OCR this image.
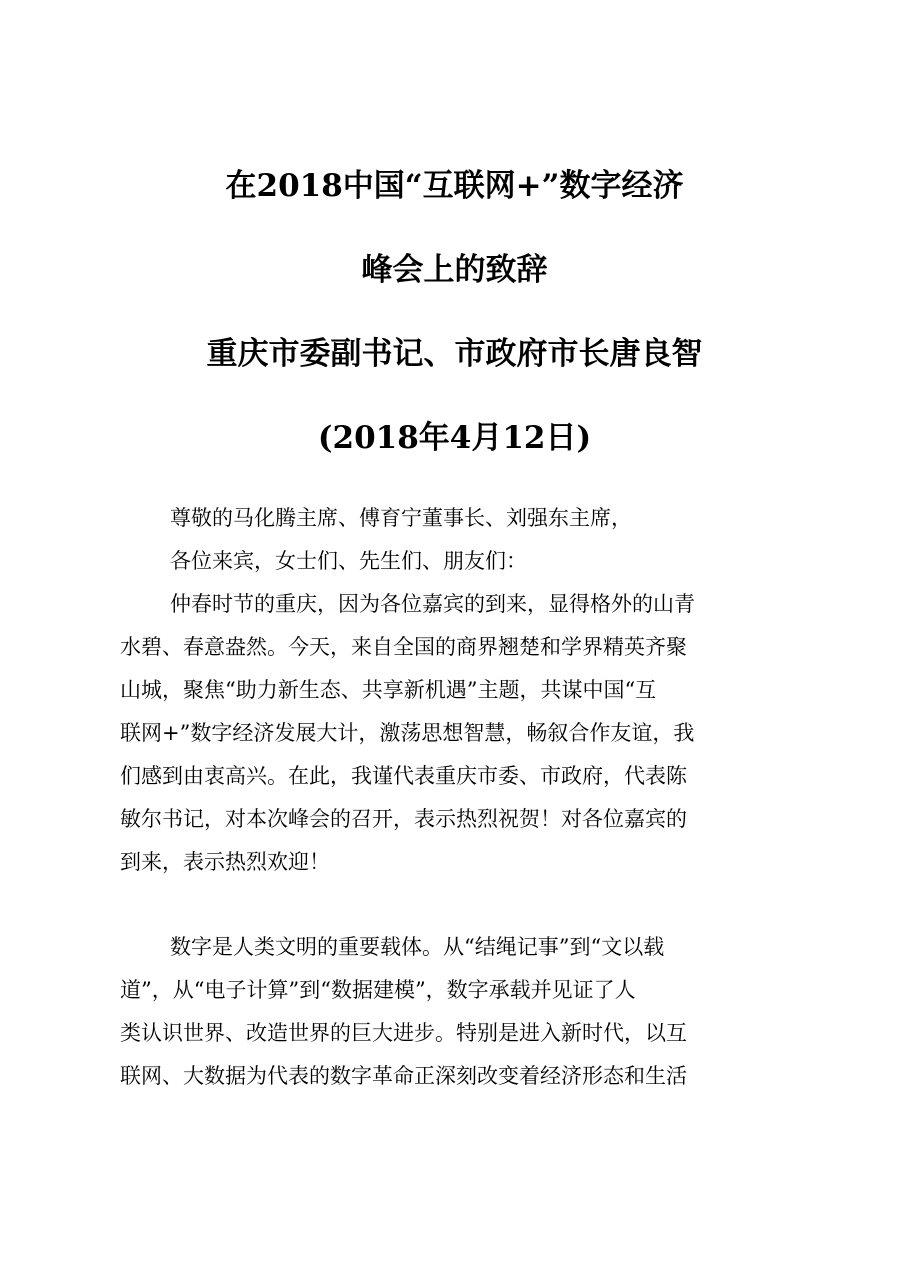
在2018中国“互联网+”数字经济
峰会上的致辞
重庆市委副书记、市政府市长唐良智
(2018年4月12日)
尊敬的马化腾主席、傅育宁董事长、刘强东主席，
各位来宾，女士们、先生们、朋友们：
仲春时节的重庆，因为各位嘉宾的到来，显得格外的山青
水碧、春意盎然。今天，来自全国的商界翘楚和学界精英齐聚
山城，聚焦“助力新生态、共享新机遇”主题，共谋中国“互
联网+”数字经济发展大计，激荡思想智慧，畅叙合作友谊，我
们感到由衷高兴。在此，我谨代表重庆市委、市政府，代表陈
敏尔书记，对本次峰会的召开，表示热烈祝贺！对各位嘉宾的
到来，表示热烈欢迎！
数字是人类文明的重要载体。从“结绳记事”到“文以载
道”，从“电子计算”到“数据建模”，数字承载并见证了人
类认识世界、改造世界的巨大进步。特别是进入新时代，以互
联网、大数据为代表的数字革命正深刻改变着经济形态和生活
